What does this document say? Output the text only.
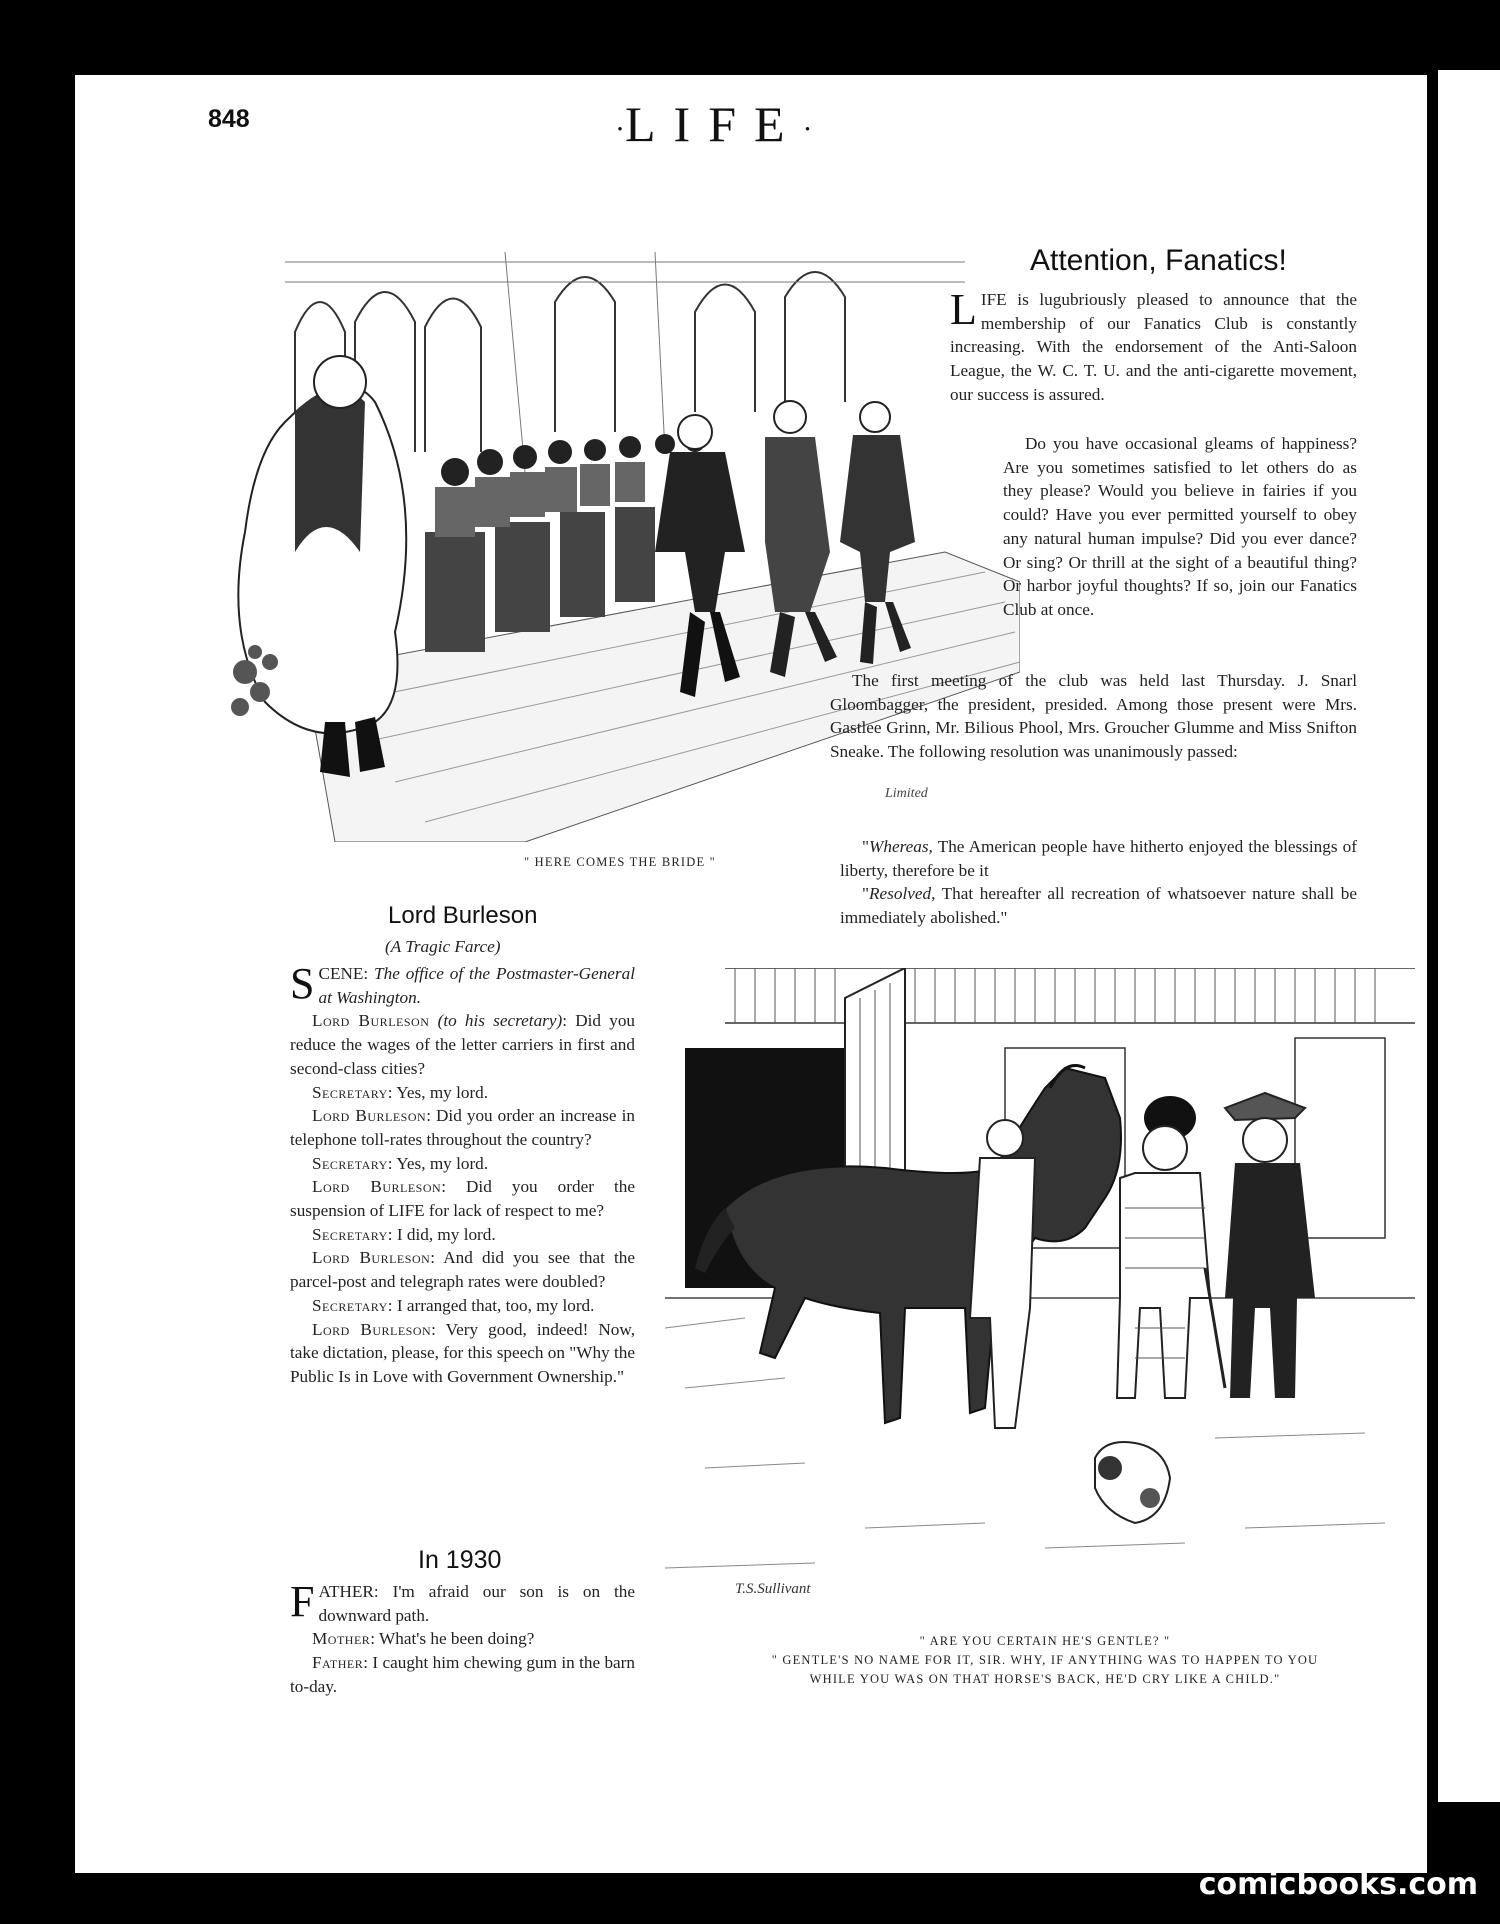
848	·LIFE·
Limited
" HERE COMES THE BRIDE "
Attention, Fanatics!
LIFE is lugubriously pleased to announce that the membership of our Fanatics Club is constantly increasing. With the endorsement of the Anti-Saloon League, the W. C. T. U. and the anti-cigarette movement, our success is assured.
Do you have occasional gleams of happiness? Are you sometimes satisfied to let others do as they please? Would you believe in fairies if you could? Have you ever permitted yourself to obey any natural human impulse? Did you ever dance? Or sing? Or thrill at the sight of a beautiful thing? Or harbor joyful thoughts? If so, join our Fanatics Club at once.
The first meeting of the club was held last Thursday. J. Snarl Gloombagger, the president, presided. Among those present were Mrs. Gastlee Grinn, Mr. Bilious Phool, Mrs. Groucher Glumme and Miss Snifton Sneake. The following resolution was unanimously passed:
"Whereas, The American people have hitherto enjoyed the blessings of liberty, therefore be it
"Resolved, That hereafter all recreation of whatsoever nature shall be immediately abolished."
Lord Burleson
(A Tragic Farce)

SCENE: The office of the Postmaster-General at Washington.

Lord Burleson (to his secretary): Did you reduce the wages of the letter carriers in first and second-class cities?

Secretary: Yes, my lord.

Lord Burleson: Did you order an increase in telephone toll-rates throughout the country?

Secretary: Yes, my lord.

Lord Burleson: Did you order the suspension of LIFE for lack of respect to me?

Secretary: I did, my lord.

Lord Burleson: And did you see that the parcel-post and telegraph rates were doubled?

Secretary: I arranged that, too, my lord.

Lord Burleson: Very good, indeed! Now, take dictation, please, for this speech on "Why the Public Is in Love with Government Ownership."

In 1930

FATHER: I'm afraid our son is on the downward path.

Mother: What's he been doing?

Father: I caught him chewing gum in the barn to-day.

T.S.Sullivant
" ARE YOU CERTAIN HE'S GENTLE? "
" GENTLE'S NO NAME FOR IT, SIR. WHY, IF ANYTHING WAS TO HAPPEN TO YOU
WHILE YOU WAS ON THAT HORSE'S BACK, HE'D CRY LIKE A CHILD."
comicbooks.com
